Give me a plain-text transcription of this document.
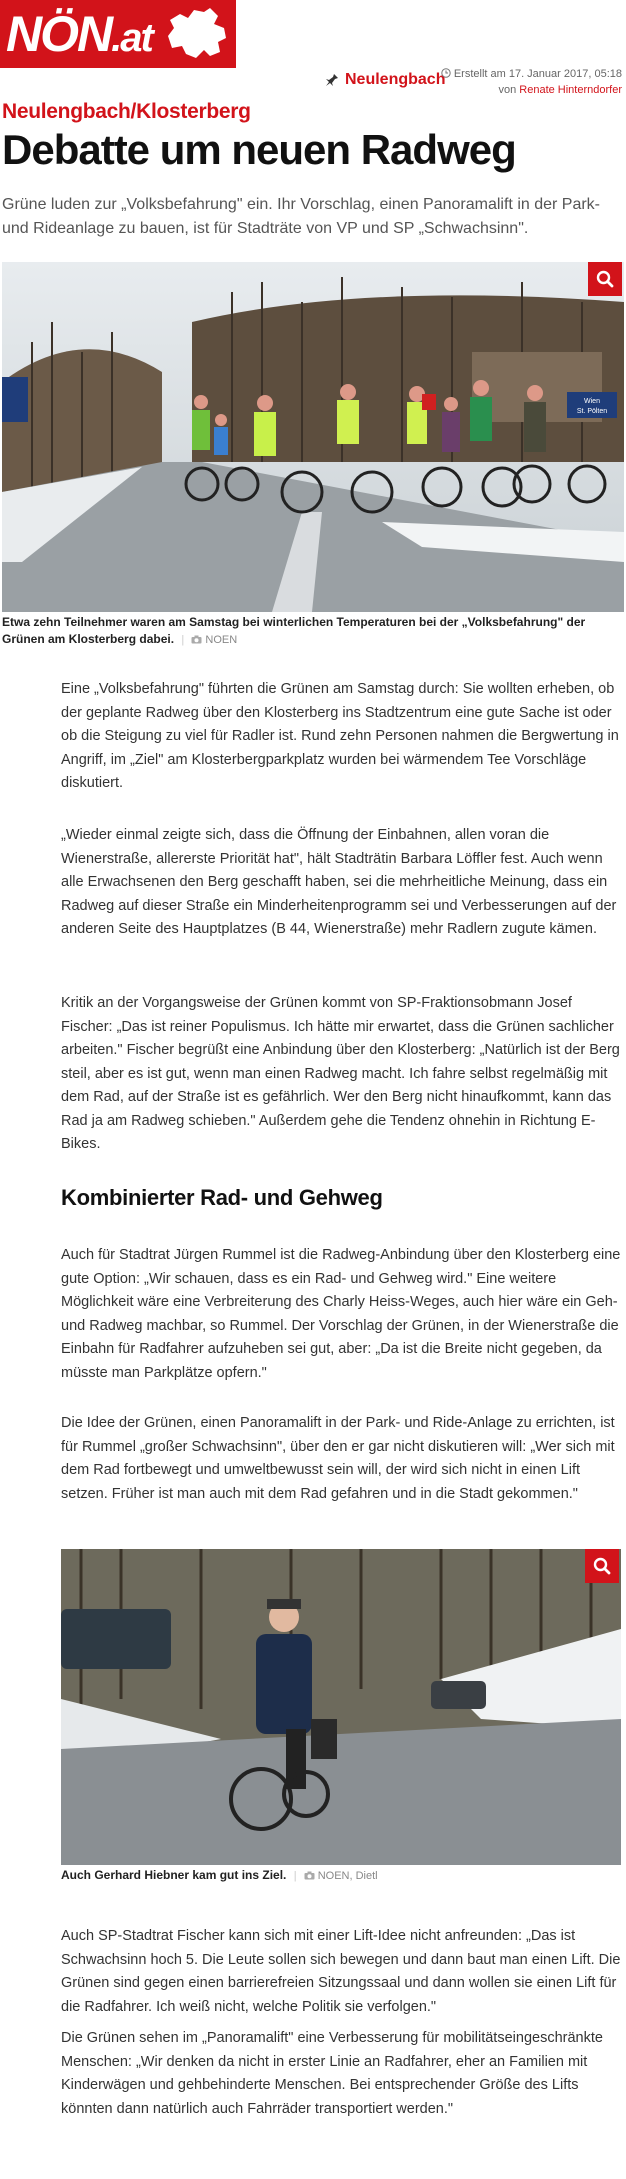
NÖN.at
Neulengbach Erstellt am 17. Januar 2017, 05:18
von Renate Hinterndorfer
Neulengbach/Klosterberg
Debatte um neuen Radweg
Grüne luden zur „Volksbefahrung" ein. Ihr Vorschlag, einen Panoramalift in der Park- und Rideanlage zu bauen, ist für Stadträte von VP und SP „Schwachsinn".
Wien
St. Pölten
Etwa zehn Teilnehmer waren am Samstag bei winterlichen Temperaturen bei der „Volksbefahrung" der Grünen am Klosterberg dabei. | NOEN

Eine „Volksbefahrung" führten die Grünen am Samstag durch: Sie wollten erheben, ob der geplante Radweg über den Klosterberg ins Stadtzentrum eine gute Sache ist oder ob die Steigung zu viel für Radler ist. Rund zehn Personen nahmen die Bergwertung in Angriff, im „Ziel" am Klosterbergparkplatz wurden bei wärmendem Tee Vorschläge diskutiert.

„Wieder einmal zeigte sich, dass die Öffnung der Einbahnen, allen voran die Wienerstraße, allererste Priorität hat", hält Stadträtin Barbara Löffler fest. Auch wenn alle Erwachsenen den Berg geschafft haben, sei die mehrheitliche Meinung, dass ein Radweg auf dieser Straße ein Minderheitenprogramm sei und Verbesserungen auf der anderen Seite des Hauptplatzes (B 44, Wienerstraße) mehr Radlern zugute kämen.

Kritik an der Vorgangsweise der Grünen kommt von SP-Fraktionsobmann Josef Fischer: „Das ist reiner Populismus. Ich hätte mir erwartet, dass die Grünen sachlicher arbeiten." Fischer begrüßt eine Anbindung über den Klosterberg: „Natürlich ist der Berg steil, aber es ist gut, wenn man einen Radweg macht. Ich fahre selbst regelmäßig mit dem Rad, auf der Straße ist es gefährlich. Wer den Berg nicht hinaufkommt, kann das Rad ja am Radweg schieben." Außerdem gehe die Tendenz ohnehin in Richtung E-Bikes.

Kombinierter Rad- und Gehweg

Auch für Stadtrat Jürgen Rummel ist die Radweg-Anbindung über den Klosterberg eine gute Option: „Wir schauen, dass es ein Rad- und Gehweg wird." Eine weitere Möglichkeit wäre eine Verbreiterung des Charly Heiss-Weges, auch hier wäre ein Geh- und Radweg machbar, so Rummel. Der Vorschlag der Grünen, in der Wienerstraße die Einbahn für Radfahrer aufzuheben sei gut, aber: „Da ist die Breite nicht gegeben, da müsste man Parkplätze opfern."

Die Idee der Grünen, einen Panoramalift in der Park- und Ride-Anlage zu errichten, ist für Rummel „großer Schwachsinn", über den er gar nicht diskutieren will: „Wer sich mit dem Rad fortbewegt und umweltbewusst sein will, der wird sich nicht in einen Lift setzen. Früher ist man auch mit dem Rad gefahren und in die Stadt gekommen."

Auch Gerhard Hiebner kam gut ins Ziel. | NOEN, Dietl

Auch SP-Stadtrat Fischer kann sich mit einer Lift-Idee nicht anfreunden: „Das ist Schwachsinn hoch 5. Die Leute sollen sich bewegen und dann baut man einen Lift. Die Grünen sind gegen einen barrierefreien Sitzungssaal und dann wollen sie einen Lift für die Radfahrer. Ich weiß nicht, welche Politik sie verfolgen."

Die Grünen sehen im „Panoramalift" eine Verbesserung für mobilitätseingeschränkte Menschen: „Wir denken da nicht in erster Linie an Radfahrer, eher an Familien mit Kinderwägen und gehbehinderte Menschen. Bei entsprechender Größe des Lifts könnten dann natürlich auch Fahrräder transportiert werden."
